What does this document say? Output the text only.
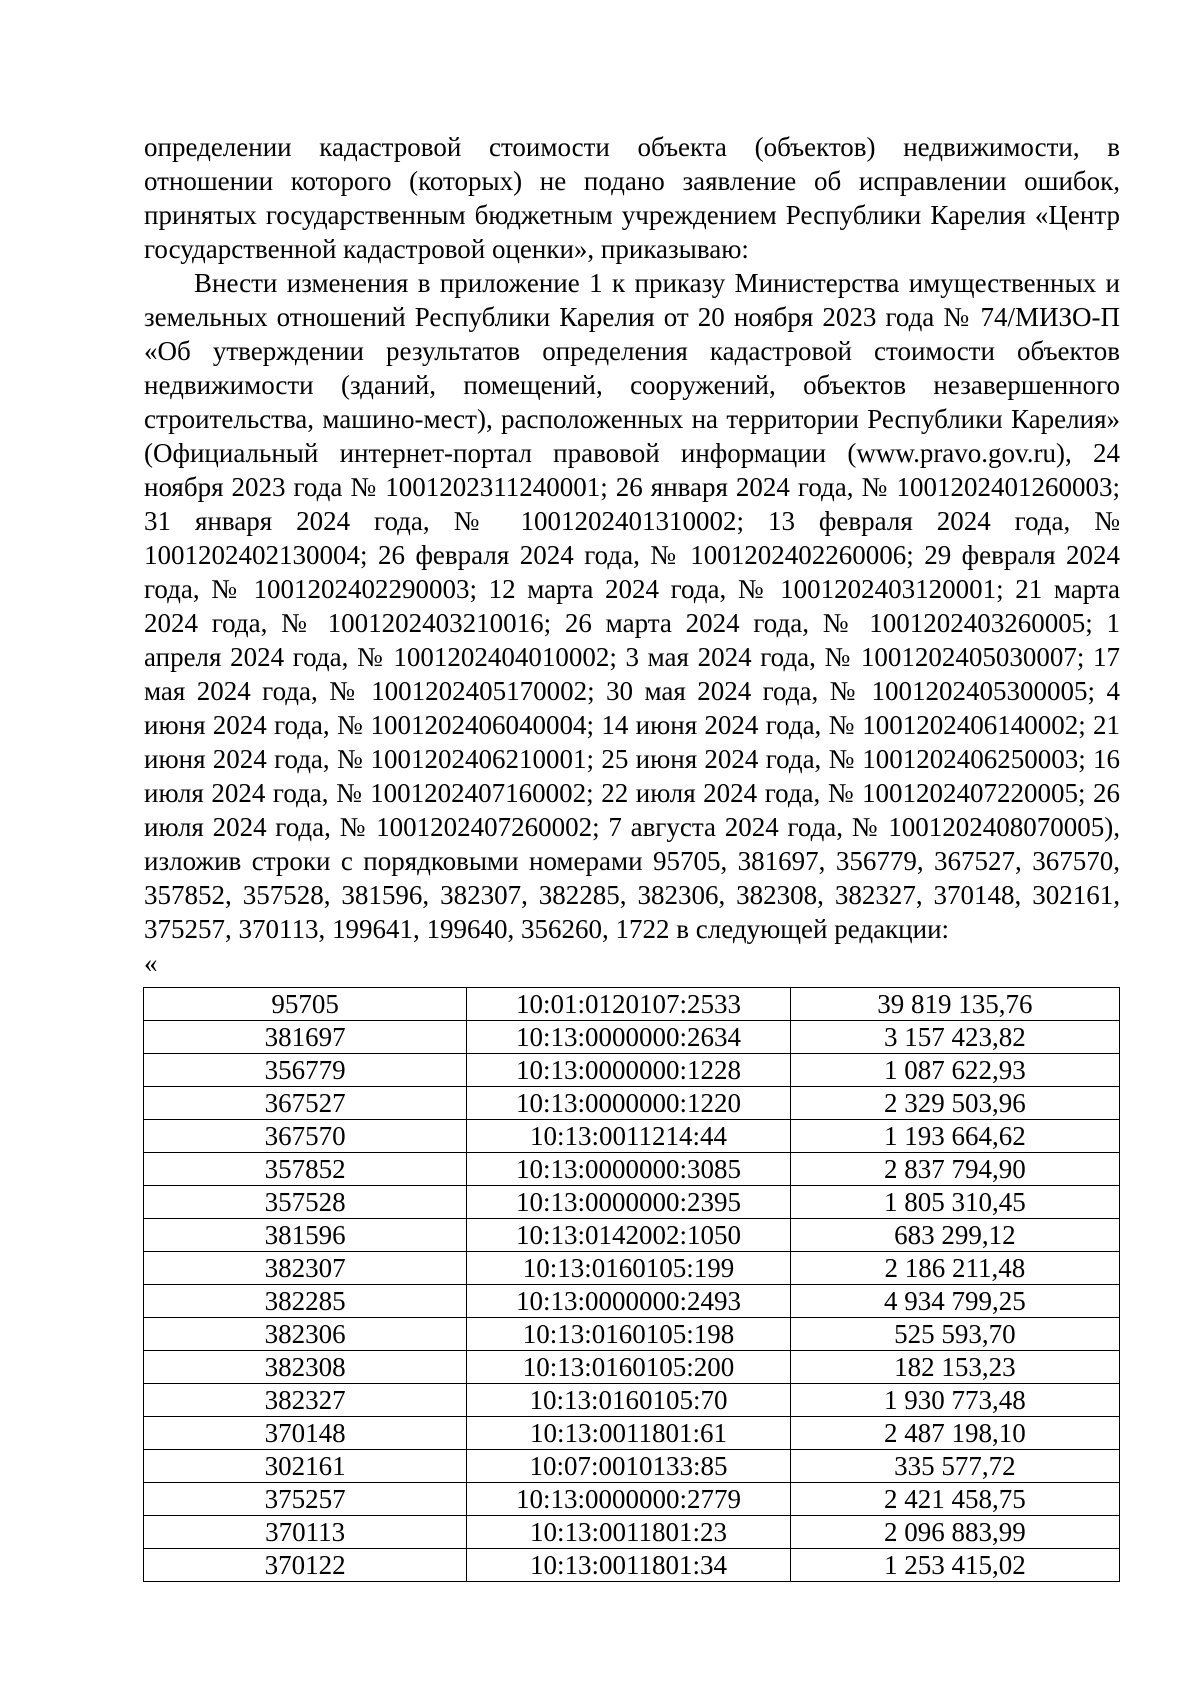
определении кадастровой стоимости объекта (объектов) недвижимости, в отношении которого (которых) не подано заявление об исправлении ошибок, принятых государственным бюджетным учреждением Республики Карелия «Центр государственной кадастровой оценки», приказываю:

Внести изменения в приложение 1 к приказу Министерства имущественных и земельных отношений Республики Карелия от 20 ноября 2023 года № 74/МИЗО-П «Об утверждении результатов определения кадастровой стоимости объектов недвижимости (зданий, помещений, сооружений, объектов незавершенного строительства, машино-мест), расположенных на территории Республики Карелия» (Официальный интернет-портал правовой информации (www.pravo.gov.ru), 24 ноября 2023 года № 1001202311240001; 26 января 2024 года, № 1001202401260003; 31 января 2024 года, № 1001202401310002; 13 февраля 2024 года, № 1001202402130004; 26 февраля 2024 года, № 1001202402260006; 29 февраля 2024 года, № 1001202402290003; 12 марта 2024 года, № 1001202403120001; 21 марта 2024 года, № 1001202403210016; 26 марта 2024 года, № 1001202403260005; 1 апреля 2024 года, № 1001202404010002; 3 мая 2024 года, № 1001202405030007; 17 мая 2024 года, № 1001202405170002; 30 мая 2024 года, № 1001202405300005; 4 июня 2024 года, № 1001202406040004; 14 июня 2024 года, № 1001202406140002; 21 июня 2024 года, № 1001202406210001; 25 июня 2024 года, № 1001202406250003; 16 июля 2024 года, № 1001202407160002; 22 июля 2024 года, № 1001202407220005; 26 июля 2024 года, № 1001202407260002; 7 августа 2024 года, № 1001202408070005), изложив строки с порядковыми номерами 95705, 381697, 356779, 367527, 367570, 357852, 357528, 381596, 382307, 382285, 382306, 382308, 382327, 370148, 302161, 375257, 370113, 199641, 199640, 356260, 1722 в следующей редакции:

«
95705	10:01:0120107:2533	39 819 135,76
381697	10:13:0000000:2634	3 157 423,82
356779	10:13:0000000:1228	1 087 622,93
367527	10:13:0000000:1220	2 329 503,96
367570	10:13:0011214:44	1 193 664,62
357852	10:13:0000000:3085	2 837 794,90
357528	10:13:0000000:2395	1 805 310,45
381596	10:13:0142002:1050	683 299,12
382307	10:13:0160105:199	2 186 211,48
382285	10:13:0000000:2493	4 934 799,25
382306	10:13:0160105:198	525 593,70
382308	10:13:0160105:200	182 153,23
382327	10:13:0160105:70	1 930 773,48
370148	10:13:0011801:61	2 487 198,10
302161	10:07:0010133:85	335 577,72
375257	10:13:0000000:2779	2 421 458,75
370113	10:13:0011801:23	2 096 883,99
370122	10:13:0011801:34	1 253 415,02
